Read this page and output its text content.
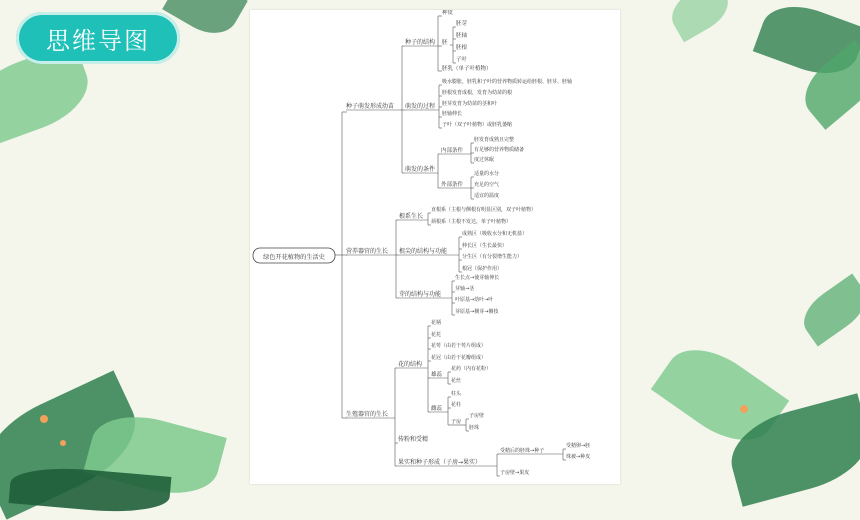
思维导图
绿色开花植物的生活史
种子萌发形成幼苗
种子的结构
种皮
胚
胚芽
胚轴
胚根
子叶
胚乳（单子叶植物）
萌发的过程
吸水膨胀，胚乳和子叶的营养物质转运给胚根、胚芽、胚轴
胚根发育成根，发育为幼苗的根
胚芽发育为幼苗的茎和叶
胚轴伸长
子叶（双子叶植物）或胚乳萎缩
萌发的条件
内部条件
胚发育成熟且完整
有足够的营养物质储备
度过休眠
外部条件
适量的水分
充足的空气
适宜的温度
营养器官的生长
根系生长
直根系（主根与侧根有明显区别，双子叶植物）
须根系（主根不发达，单子叶植物）
根尖的结构与功能
成熟区（吸收水分和无机盐）
伸长区（生长最快）
分生区（有分裂增生能力）
根冠（保护作用）
芽的结构与功能
生长点→使芽轴伸长
芽轴→茎
叶原基→幼叶→叶
芽原基→侧芽→侧枝
生殖器官的生长
花的结构
花柄
花托
花萼（由若干萼片组成）
花冠（由若干花瓣组成）
雄蕊
花药（内有花粉）
花丝
雌蕊
柱头
花柱
子房
子房壁
胚珠
传粉和受精
果实和种子形成（子房→果实）
受精后的胚珠→种子
受精卵→胚
珠被→种皮
子房壁→果皮
